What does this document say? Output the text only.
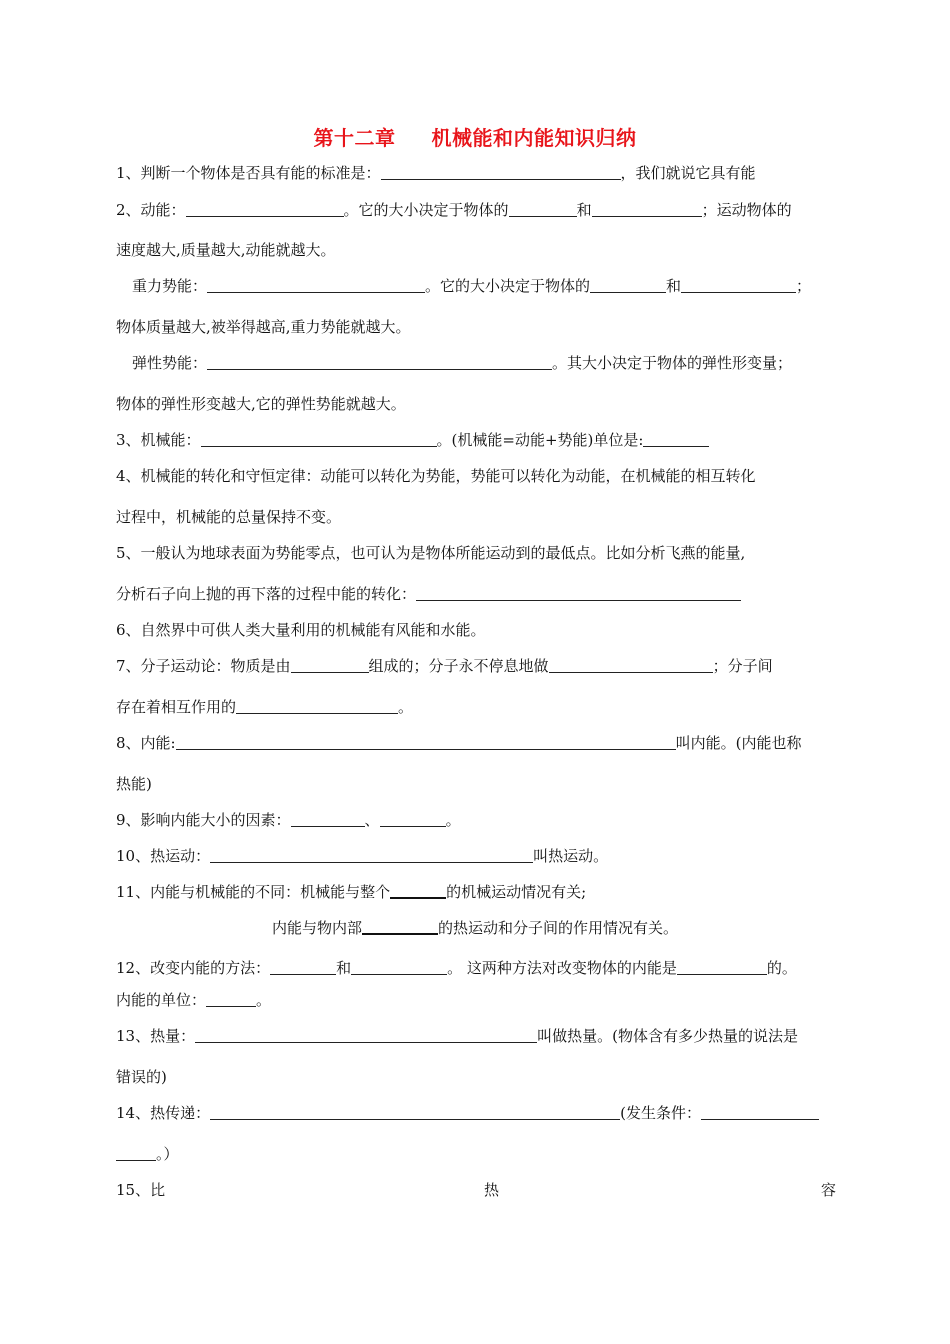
第十二章 机械能和内能知识归纳
1、判断一个物体是否具有能的标准是：	，我们就说它具有能
2、动能：	。它的大小决定于物体的	和	；运动物体的
速度越大,质量越大,动能就越大。
重力势能：	。它的大小决定于物体的	和	；
物体质量越大,被举得越高,重力势能就越大。
弹性势能：	。其大小决定于物体的弹性形变量；
物体的弹性形变越大,它的弹性势能就越大。
3、机械能：	。(机械能=动能+势能)单位是:
4、机械能的转化和守恒定律：动能可以转化为势能，势能可以转化为动能，在机械能的相互转化
过程中，机械能的总量保持不变。
5、一般认为地球表面为势能零点，也可认为是物体所能运动到的最低点。比如分析飞燕的能量,
分析石子向上抛的再下落的过程中能的转化：
6、自然界中可供人类大量利用的机械能有风能和水能。
7、分子运动论：物质是由	组成的；分子永不停息地做	；分子间
存在着相互作用的	。
8、内能:	叫内能。(内能也称
热能)
9、影响内能大小的因素：	、	。
10、热运动：	叫热运动。
11、内能与机械能的不同：机械能与整个	的机械运动情况有关;
内能与物内部	的热运动和分子间的作用情况有关。
12、改变内能的方法：	和	。 这两种方法对改变物体的内能是	的。
内能的单位：	。
13、热量：	叫做热量。(物体含有多少热量的说法是
错误的)
14、热传递：	(发生条件：
。）
15、比	热	容
